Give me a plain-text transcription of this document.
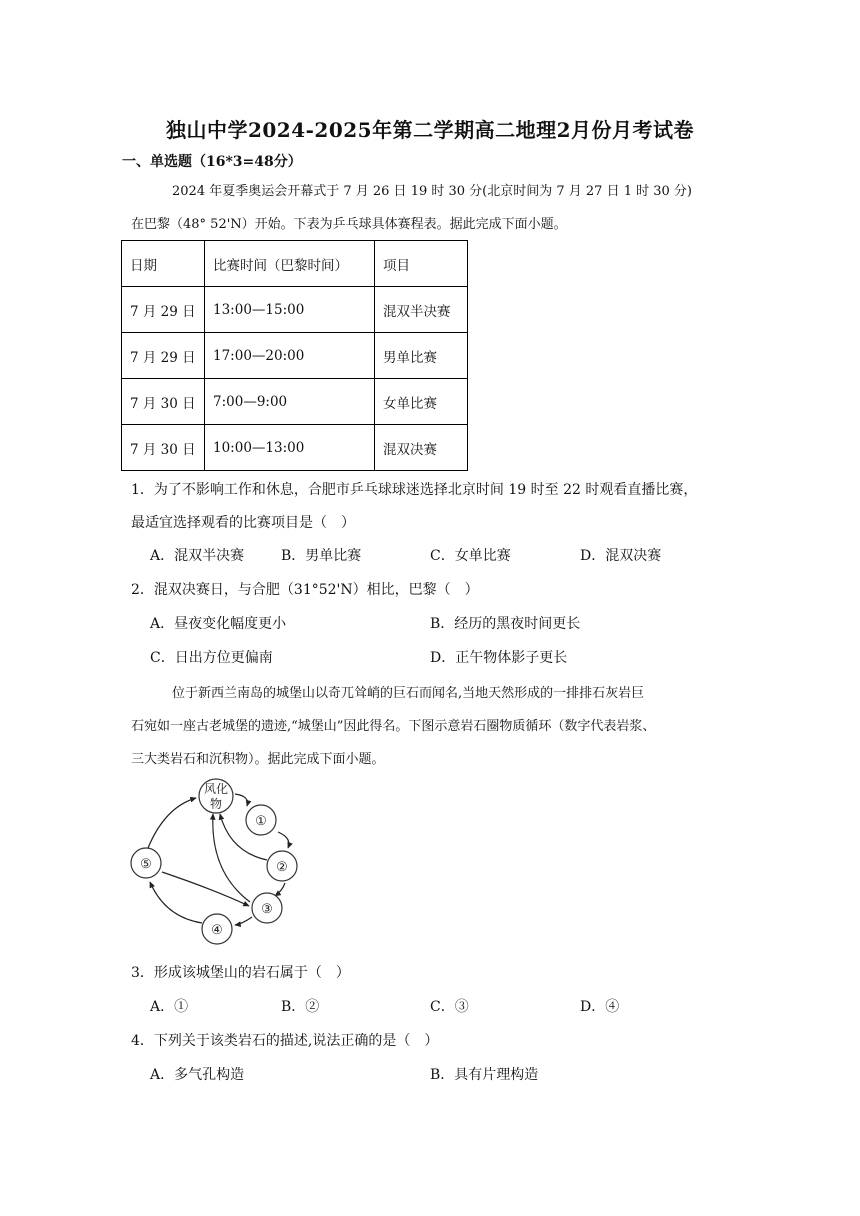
独山中学2024-2025年第二学期高二地理2月份月考试卷
一、单选题（16*3=48分）
2024 年夏季奥运会开幕式于 7 月 26 日 19 时 30 分(北京时间为 7 月 27 日 1 时 30 分)
在巴黎（48° 52'N）开始。下表为乒乓球具体赛程表。据此完成下面小题。
日期	比赛时间（巴黎时间）	项目
7 月 29 日	13:00—15:00	混双半决赛
7 月 29 日	17:00—20:00	男单比赛
7 月 30 日	7:00—9:00	女单比赛
7 月 30 日	10:00—13:00	混双决赛
1．为了不影响工作和休息，合肥市乒乓球球迷选择北京时间 19 时至 22 时观看直播比赛，
最适宜选择观看的比赛项目是（　）
A．混双半决赛	B．男单比赛	C．女单比赛	D．混双决赛
2．混双决赛日，与合肥（31°52'N）相比，巴黎（　）
A．昼夜变化幅度更小	B．经历的黑夜时间更长
C．日出方位更偏南	D．正午物体影子更长
位于新西兰南岛的城堡山以奇兀耸峭的巨石而闻名,当地天然形成的一排排石灰岩巨
石宛如一座古老城堡的遗迹,“城堡山”因此得名。下图示意岩石圈物质循环（数字代表岩浆、
三大类岩石和沉积物）。据此完成下面小题。
风化
物
①
②
③
④
⑤
3．形成该城堡山的岩石属于（　）
A．①	B．②	C．③	D．④
4．下列关于该类岩石的描述,说法正确的是（　）
A．多气孔构造	B．具有片理构造
